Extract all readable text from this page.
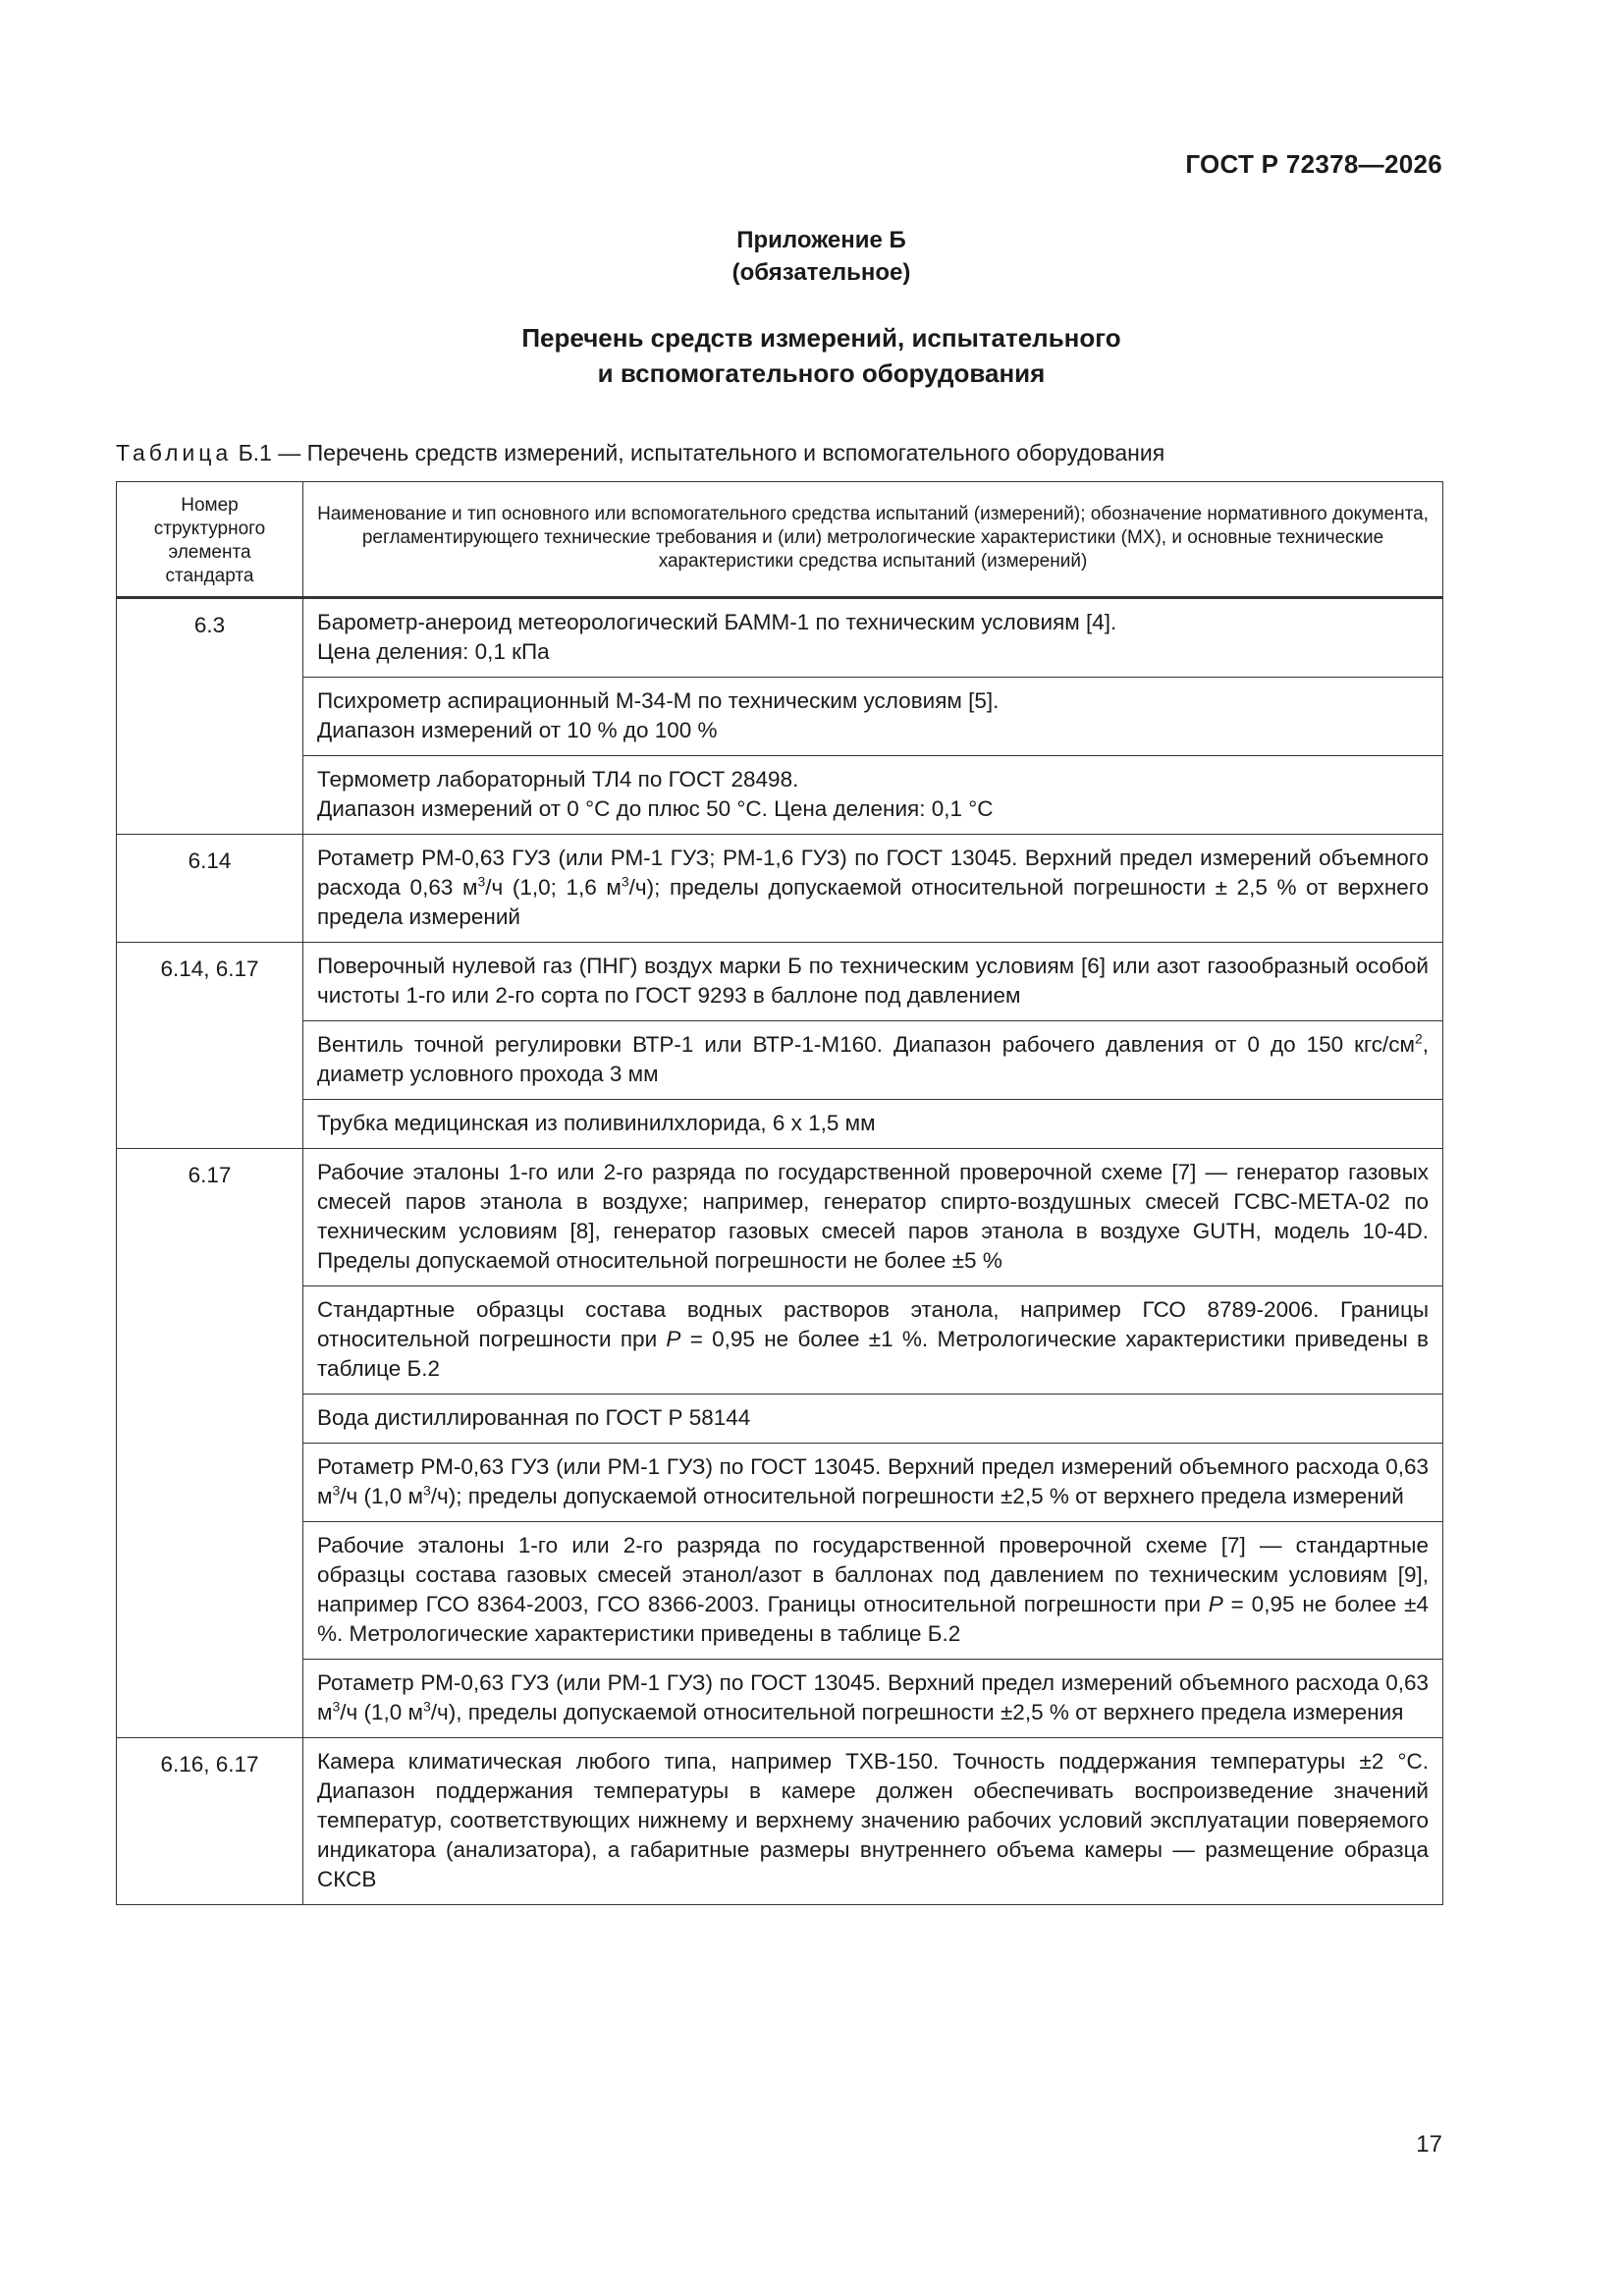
ГОСТ Р 72378—2026
Приложение Б
(обязательное)
Перечень средств измерений, испытательного
и вспомогательного оборудования
Таблица Б.1 — Перечень средств измерений, испытательного и вспомогательного оборудования
Номер структурного элемента стандарта	Наименование и тип основного или вспомогательного средства испытаний (измерений); обозначение нормативного документа, регламентирующего технические требования и (или) метрологические характеристики (МХ), и основные технические характеристики средства испытаний (измерений)
6.3	Барометр-анероид метеорологический БАММ-1 по техническим условиям [4].
Цена деления: 0,1 кПа
	Психрометр аспирационный М-34-М по техническим условиям [5].
Диапазон измерений от 10 % до 100 %
	Термометр лабораторный ТЛ4 по ГОСТ 28498.
Диапазон измерений от 0 °С до плюс 50 °С. Цена деления: 0,1 °С
6.14	Ротаметр РМ-0,63 ГУЗ (или РМ-1 ГУЗ; РМ-1,6 ГУЗ) по ГОСТ 13045. Верхний предел измерений объемного расхода 0,63 $м^3/ч$ (1,0; 1,6 $м^3/ч$); пределы допускаемой относительной погрешности ± 2,5 % от верхнего предела измерений
6.14, 6.17	Поверочный нулевой газ (ПНГ) воздух марки Б по техническим условиям [6] или азот газообразный особой чистоты 1-го или 2-го сорта по ГОСТ 9293 в баллоне под давлением
	Вентиль точной регулировки ВТР-1 или ВТР-1-М160. Диапазон рабочего давления от 0 до 150 кгс/$см^2$, диаметр условного прохода 3 мм
	Трубка медицинская из поливинилхлорида, 6 х 1,5 мм
6.17	Рабочие эталоны 1-го или 2-го разряда по государственной проверочной схеме [7] — генератор газовых смесей паров этанола в воздухе; например, генератор спирто-воздушных смесей ГСВС-МЕТА-02 по техническим условиям [8], генератор газовых смесей паров этанола в воздухе GUTH, модель 10-4D. Пределы допускаемой относительной погрешности не более ±5 %
	Стандартные образцы состава водных растворов этанола, например ГСО 8789-2006. Границы относительной погрешности при P = 0,95 не более ±1 %. Метрологические характеристики приведены в таблице Б.2
	Вода дистиллированная по ГОСТ Р 58144
	Ротаметр РМ-0,63 ГУЗ (или РМ-1 ГУЗ) по ГОСТ 13045. Верхний предел измерений объемного расхода 0,63 $м^3/ч$ (1,0 $м^3/ч$); пределы допускаемой относительной погрешности ±2,5 % от верхнего предела измерений
	Рабочие эталоны 1-го или 2-го разряда по государственной проверочной схеме [7] — стандартные образцы состава газовых смесей этанол/азот в баллонах под давлением по техническим условиям [9], например ГСО 8364-2003, ГСО 8366-2003. Границы относительной погрешности при P = 0,95 не более ±4 %. Метрологические характеристики приведены в таблице Б.2
	Ротаметр РМ-0,63 ГУЗ (или РМ-1 ГУЗ) по ГОСТ 13045. Верхний предел измерений объемного расхода 0,63 $м^3/ч$ (1,0 $м^3/ч$), пределы допускаемой относительной погрешности ±2,5 % от верхнего предела измерения
6.16, 6.17	Камера климатическая любого типа, например ТХВ-150. Точность поддержания температуры ±2 °С. Диапазон поддержания температуры в камере должен обеспечивать воспроизведение значений температур, соответствующих нижнему и верхнему значению рабочих условий эксплуатации поверяемого индикатора (анализатора), а габаритные размеры внутреннего объема камеры — размещение образца СКСВ
17
